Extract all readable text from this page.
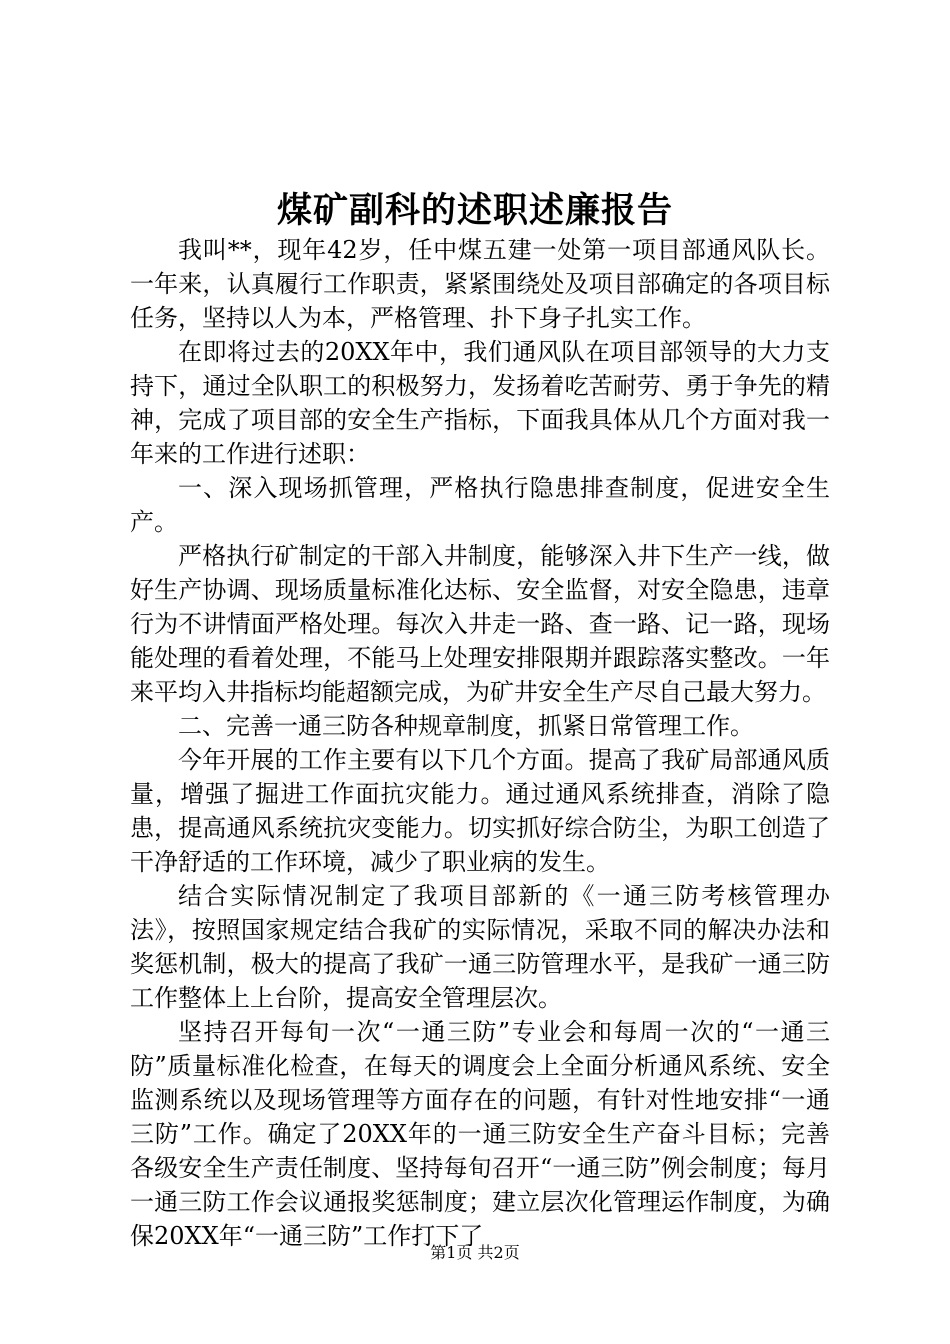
煤矿副科的述职述廉报告

我叫**，现年42岁，任中煤五建一处第一项目部通风队长。一年来，认真履行工作职责，紧紧围绕处及项目部确定的各项目标任务，坚持以人为本，严格管理、扑下身子扎实工作。

在即将过去的20XX年中，我们通风队在项目部领导的大力支持下，通过全队职工的积极努力，发扬着吃苦耐劳、勇于争先的精神，完成了项目部的安全生产指标，下面我具体从几个方面对我一年来的工作进行述职：

一、深入现场抓管理，严格执行隐患排查制度，促进安全生产。

严格执行矿制定的干部入井制度，能够深入井下生产一线，做好生产协调、现场质量标准化达标、安全监督，对安全隐患，违章行为不讲情面严格处理。每次入井走一路、查一路、记一路，现场能处理的看着处理，不能马上处理安排限期并跟踪落实整改。一年来平均入井指标均能超额完成，为矿井安全生产尽自己最大努力。

二、完善一通三防各种规章制度，抓紧日常管理工作。

今年开展的工作主要有以下几个方面。提高了我矿局部通风质量，增强了掘进工作面抗灾能力。通过通风系统排查，消除了隐患，提高通风系统抗灾变能力。切实抓好综合防尘，为职工创造了干净舒适的工作环境，减少了职业病的发生。

结合实际情况制定了我项目部新的《一通三防考核管理办法》，按照国家规定结合我矿的实际情况，采取不同的解决办法和奖惩机制，极大的提高了我矿一通三防管理水平，是我矿一通三防工作整体上上台阶，提高安全管理层次。

坚持召开每旬一次“一通三防”专业会和每周一次的“一通三防”质量标准化检查，在每天的调度会上全面分析通风系统、安全监测系统以及现场管理等方面存在的问题，有针对性地安排“一通三防”工作。确定了20XX年的一通三防安全生产奋斗目标；完善各级安全生产责任制度、坚持每旬召开“一通三防”例会制度；每月一通三防工作会议通报奖惩制度；建立层次化管理运作制度，为确保20XX年“一通三防”工作打下了

第1页 共2页
